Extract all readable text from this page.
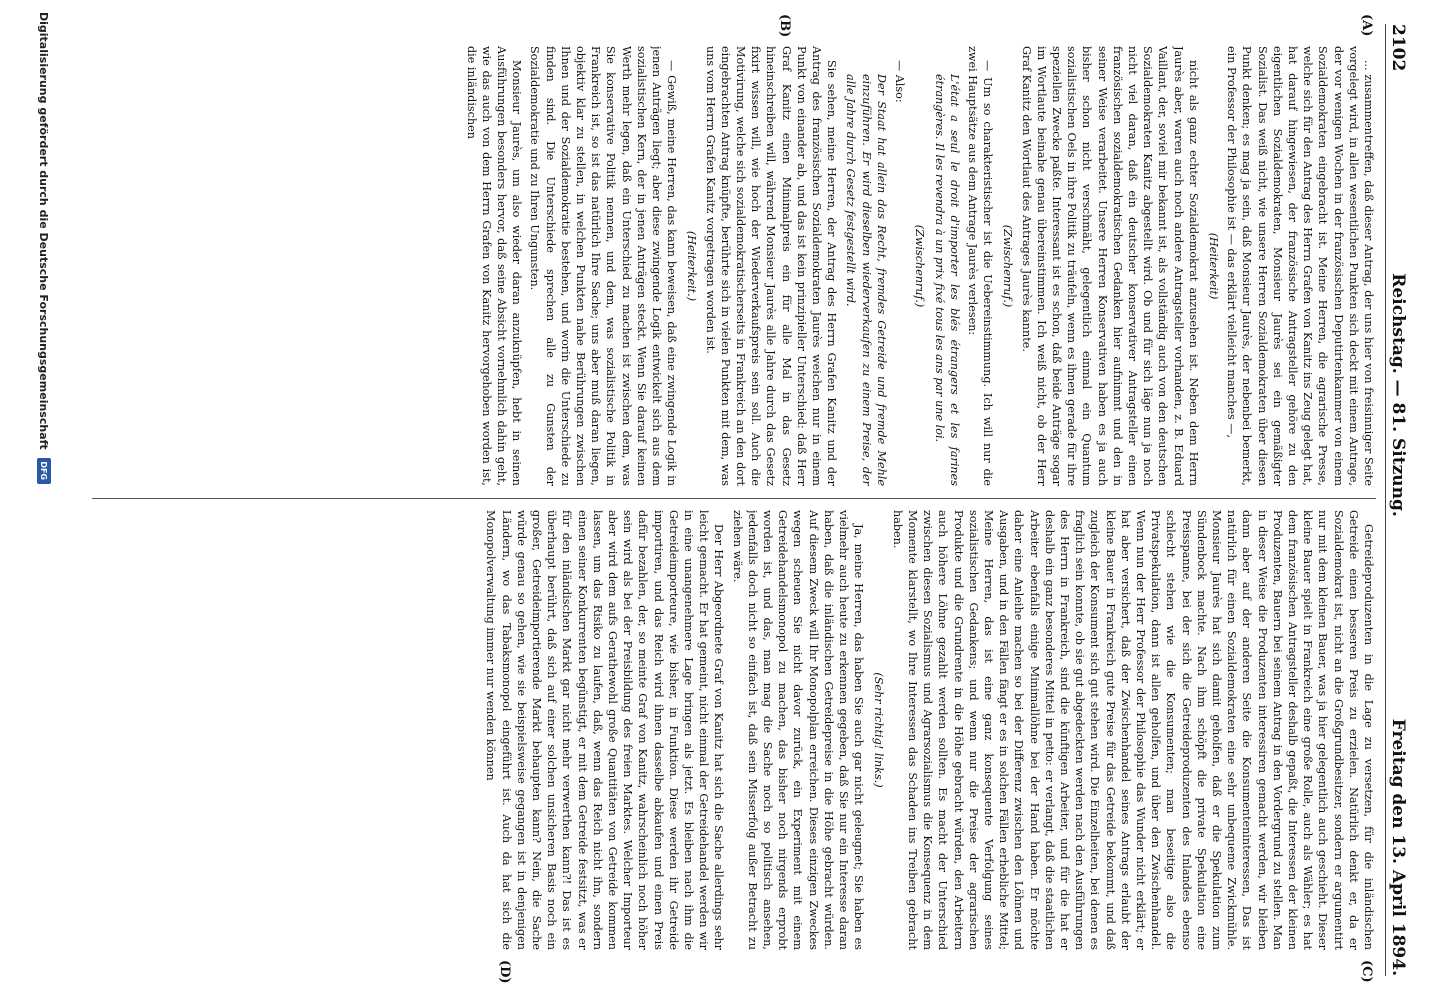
2102
Reichstag. — 81. Sitzung.
Freitag den 13. April 1894.
(A)
(B)
(C)
(D)

... zusammentreffen, daß dieser Antrag, der uns hier von freisinniger Seite vorgelegt wird, in allen wesentlichen Punkten sich deckt mit einem Antrage, der vor wenigen Wochen in der französischen Deputirtenkammer von einem Sozialdemokraten eingebracht ist. Meine Herren, die agrarische Presse, welche sich für den Antrag des Herrn Grafen von Kanitz ins Zeug gelegt hat, hat darauf hingewiesen, der französische Antragsteller gehöre zu den eigentlichen Sozialdemokraten, Monsieur Jaurès sei ein gemäßigter Sozialist. Das weiß nicht, wie unsere Herren Sozialdemokraten über diesen Punkt denken; es mag ja sein, daß Monsieur Jaurès, der nebenbei bemerkt, ein Professor der Philosophie ist — das erklärt vielleicht manches —,

(Heiterkeit)

nicht als ganz echter Sozialdemokrat anzusehen ist. Neben dem Herrn Jaurès aber, waren auch noch andere Antragsteller vorhanden, z. B. Eduard Vaillant, der, soviel mir bekannt ist, als vollständig auch von den deutschen Sozialdemokraten Kanitz abgestellt wird. Ob und für sich läge nun ja noch nicht viel daran, daß ein deutscher konservativer Antragsteller einen französischen sozialdemokratischen Gedanken hier aufnimmt und den in seiner Weise verarbeitet. Unsere Herren Konservativen haben es ja auch bisher schon nicht verschmäht, gelegentlich einmal ein Quantum sozialistischen Oels in ihre Politik zu träufeln, wenn es ihnen gerade für ihre speziellen Zwecke paßte. Interessant ist es schon, daß beide Anträge sogar im Wortlaute beinahe genau übereinstimmen. Ich weiß nicht, ob der Herr Graf Kanitz den Wortlaut des Antrages Jaurès kannte.

(Zwischenruf.)

— Um so charakteristischer ist die Uebereinstimmung. Ich will nur die zwei Hauptsätze aus dem Antrage Jaurès verlesen:

L'état a seul le droit d'importer les blés étrangers et les farines étrangères. Il les revendra à un prix fixé tous les ans par une loi.

(Zwischenruf.)

— Also:

Der Staat hat allein das Recht, fremdes Getreide und fremde Mehle einzuführen. Er wird dieselben wiederverkaufen zu einem Preise, der alle Jahre durch Gesetz festgestellt wird.

Sie sehen, meine Herren, der Antrag des Herrn Grafen Kanitz und der Antrag des französischen Sozialdemokraten Jaurès weichen nur in einem Punkt von einander ab, und das ist kein prinzipieller Unterschied: daß Herr Graf Kanitz einen Minimalpreis ein für alle Mal in das Gesetz hineinschreiben will, während Monsieur Jaurès alle Jahre durch das Gesetz fixirt wissen will, wie hoch der Wiederverkaufspreis sein soll. Auch die Motivirung, welche sich sozialdemokratischerseits in Frankreich an den dort eingebrachten Antrag knüpfte, berührte sich in vielen Punkten mit dem, was uns vom Herrn Grafen Kanitz vorgetragen worden ist.

(Heiterkeit.)

— Gewiß, meine Herren, das kann beweisen, daß eine zwingende Logik in jenen Anträgen liegt; aber diese zwingende Logik entwickelt sich aus dem sozialistischen Kern, der in jenen Anträgen steckt. Wenn Sie darauf keinen Werth mehr legen, daß ein Unterschied zu machen ist zwischen dem, was Sie konservative Politik nennen, und dem, was sozialistische Politik in Frankreich ist, so ist das natürlich Ihre Sache; uns aber muß daran liegen, objektiv klar zu stellen, in welchen Punkten nahe Berührungen zwischen Ihnen und der Sozialdemokratie bestehen, und worin die Unterschiede zu finden sind. Die Unterschiede sprechen alle zu Gunsten der Sozialdemokratie und zu Ihren Ungunsten.

Monsieur Jaurès, um also wieder daran anzuknüpfen, hebt in seinen Ausführungen besonders hervor, daß seine Absicht vornehmlich dahin geht, wie das auch von dem Herrn Grafen von Kanitz hervorgehoben worden ist, die inländischen

Getreideproduzenten in die Lage zu versetzen, für die inländischen Getreide einen besseren Preis zu erzielen. Natürlich denkt er, da er Sozialdemokrat ist, nicht an die Großgrundbesitzer, sondern er argumentirt nur mit dem kleinen Bauer, was ja hier gelegentlich auch geschieht. Dieser kleine Bauer spielt in Frankreich eine große Rolle, auch als Wähler; es hat dem französischen Antragsteller deshalb gepaßt, die Interessen der kleinen Produzenten, Bauern bei seinem Antrag in den Vordergrund zu stellen. Man in dieser Weise die Produzenten interessiren gemacht werden, wir bleiben dann aber auf der anderen Seite die Konsumenteninteressen, Das ist natürlich für einen Sozialdemokraten eine sehr unbequeme Zwickmühle. Monsieur Jaurès hat sich damit geholfen, daß er die Spekulation zum Sündenbock machte. Nach ihm schöpft die private Spekulation eine Preisspanne, bei der sich die Getreideproduzenten des Inlandes ebenso schlecht stehen wie die Konsumenten; man beseitige also die Privatspekulation, dann ist allen geholfen, und über den Zwischenhandel. Wenn nun der Herr Professor der Philosophie das Wunder nicht erklärt; er hat aber versichert, daß der Zwischenhandel seines Antrags erlaubt der kleine Bauer in Frankreich gute Preise für das Getreide bekommt, und daß zugleich der Konsument sich gut stehen wird. Die Einzelheiten, bei denen es fraglich sein konnte, ob sie gut abgedeckten werden nach den Ausführungen des Herrn in Frankreich, sind die künftigen Arbeiter, und für die hat er deshalb ein ganz besonderes Mittel in petto: er verlangt, daß die staatlichen Arbeiter ebenfalls einige Minimallöhne bei der Hand haben. Er möchte daher eine Anleihe machen so bei der Differenz zwischen den Löhnen und Ausgaben, und in den Fällen fängt er es in solchen Fällen erhebliche Mittel; Meine Herren, das ist eine ganz konsequente Verfolgung seines sozialistischen Gedankens; und wenn nur die Preise der agrarischen Produkte und die Grundrente in die Höhe gebracht würden, den Arbeitern auch höhere Löhne gezahlt werden sollten. Es macht der Unterschied zwischen diesen Sozialismus und Agrarsozialismus die Konsequenz in dem Momente klarstellt, wo Ihre Interessen das Schaden ins Treiben gebracht haben.

(Sehr richtig! links.)

Ja, meine Herren, das haben Sie auch gar nicht geleugnet; Sie haben es vielmehr auch heute zu erkennen gegeben, daß Sie nur ein Interesse daran haben, daß die inländischen Getreidepreise in die Höhe gebracht würden. Auf diesem Zweck will Ihr Monopolplan erreichen. Dieses einzigen Zweckes wegen scheuen Sie nicht davor zurück, ein Experiment mit einem Getreidehandelsmonopol zu machen, das bisher noch nirgends erprobt worden ist, und das, man mag die Sache noch so politisch ansehen, jedenfalls doch nicht so einfach ist, daß sein Misserfolg außer Betracht zu ziehen wäre.

Der Herr Abgeordnete Graf von Kanitz hat sich die Sache allerdings sehr leicht gemacht. Er hat gemeint, nicht einmal der Getreidehandel werden wir in eine unangenehmere Lage bringen als jetzt. Es bleiben nach ihm die Getreideimporteure, wie bisher, in Funktion. Diese werden ihr Getreide importiren, und das Reich wird ihnen dasselbe abkaufen und einen Preis dafür bezahlen, der, so meinte Graf von Kanitz, wahrscheinlich noch höher sein wird als bei der Preisbildung des freien Marktes. Welcher Importeur aber wird dem aufs Gerathewohl große Quantitäten von Getreide kommen lassen, um das Risiko zu laufen, daß, wenn das Reich nicht ihn, sondern einen seiner Konkurrenten begünstigt, er mit dem Getreide festsitzt, was er für den inländischen Markt gar nicht mehr verwerthen kann?! Das ist es überhaupt berührt, daß sich auf einer solchen unsicheren Basis noch ein großer, Getreideimportierende Markt behaupten kann? Nein, die Sache würde genau so gehen, wie sie beispielsweise gegangen ist in denjenigen Ländern, wo das Tabaksmonopol eingeführt ist. Auch da hat sich die Monopolverwaltung immer nur wenden können

Digitalisierung gefördert durch die Deutsche Forschungsgemeinschaft
DFG
